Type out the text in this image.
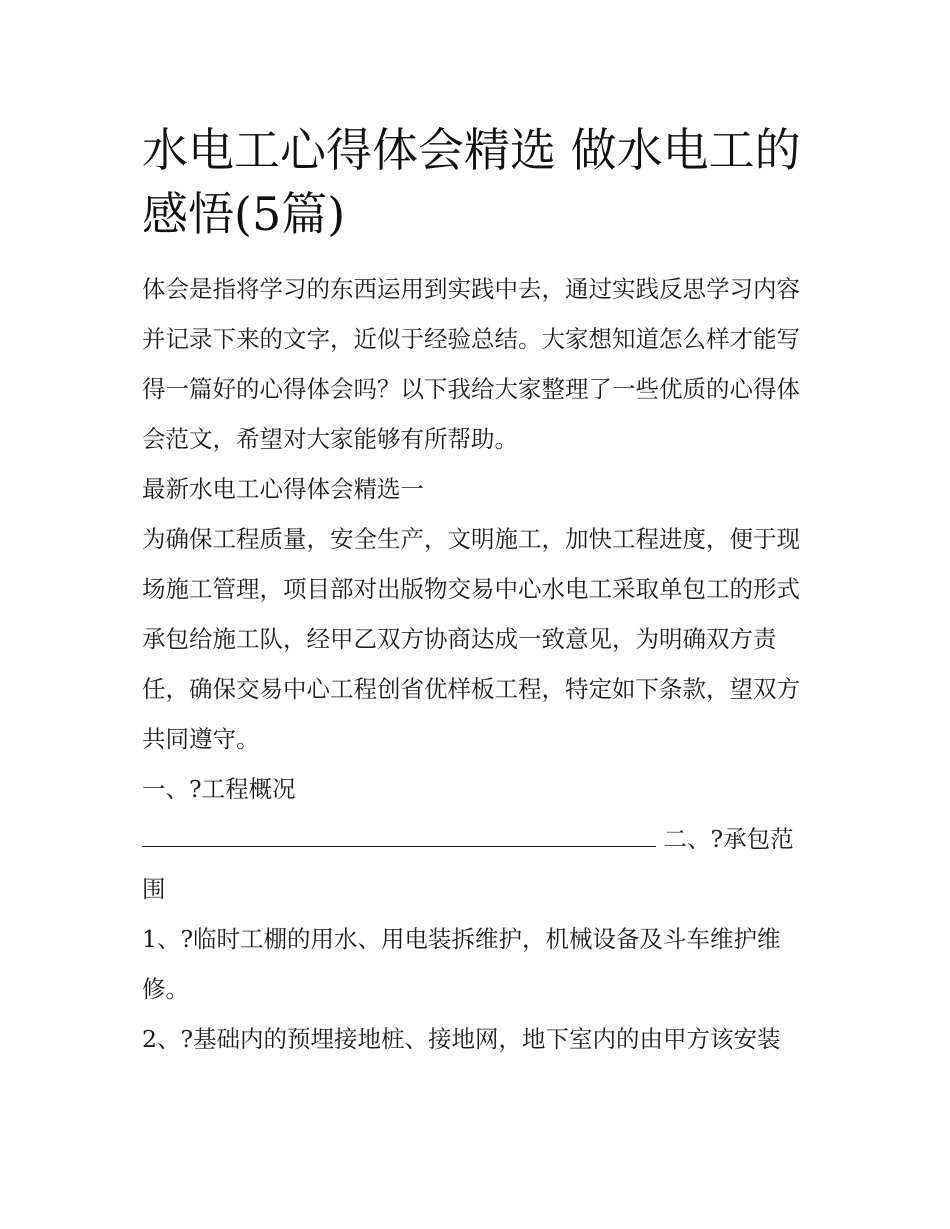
水电工心得体会精选 做水电工的感悟(5篇)

体会是指将学习的东西运用到实践中去，通过实践反思学习内容并记录下来的文字，近似于经验总结。大家想知道怎么样才能写得一篇好的心得体会吗？以下我给大家整理了一些优质的心得体会范文，希望对大家能够有所帮助。

最新水电工心得体会精选一

为确保工程质量，安全生产，文明施工，加快工程进度，便于现场施工管理，项目部对出版物交易中心水电工采取单包工的形式承包给施工队，经甲乙双方协商达成一致意见，为明确双方责任，确保交易中心工程创省优样板工程，特定如下条款，望双方共同遵守。

一、?工程概况

二、?承包范围

1、?临时工棚的用水、用电装拆维护，机械设备及斗车维护维修。

2、?基础内的预埋接地桩、接地网，地下室内的由甲方该安装
